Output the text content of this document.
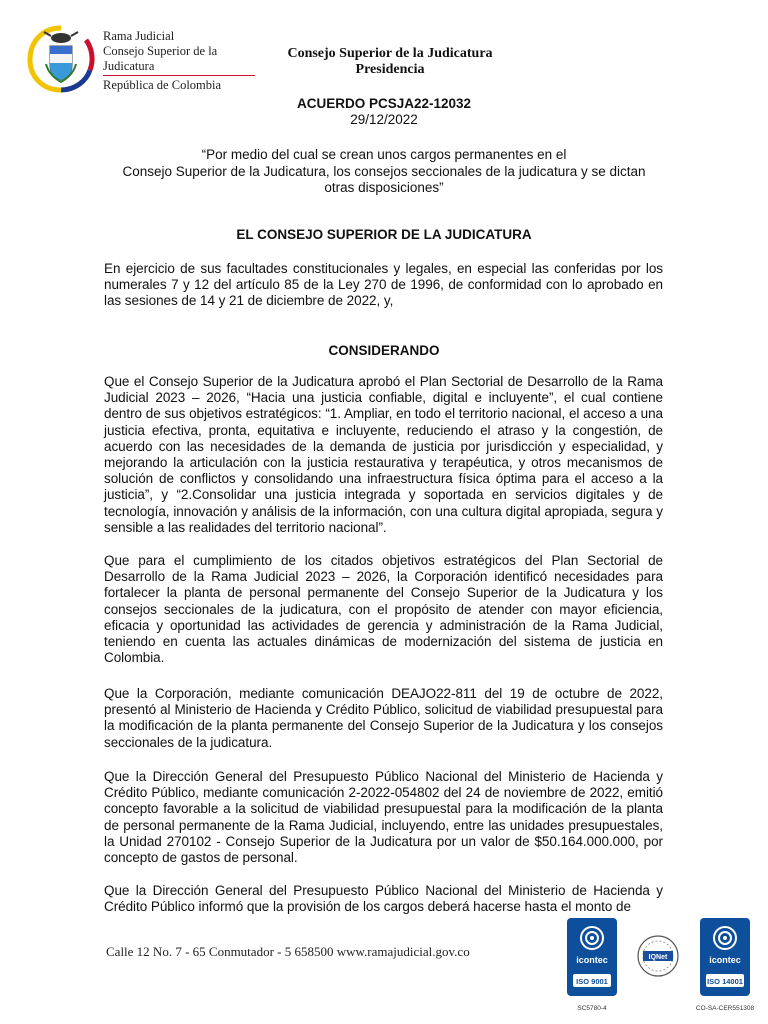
Rama Judicial
Consejo Superior de la Judicatura
República de Colombia
Consejo Superior de la Judicatura
Presidencia
ACUERDO PCSJA22-12032
29/12/2022
“Por medio del cual se crean unos cargos permanentes en el
Consejo Superior de la Judicatura, los consejos seccionales de la judicatura y se dictan
otras disposiciones”
EL CONSEJO SUPERIOR DE LA JUDICATURA
En ejercicio de sus facultades constitucionales y legales, en especial las conferidas por los numerales 7 y 12 del artículo 85 de la Ley 270 de 1996, de conformidad con lo aprobado en las sesiones de 14 y 21 de diciembre de 2022, y,
CONSIDERANDO
Que el Consejo Superior de la Judicatura aprobó el Plan Sectorial de Desarrollo de la Rama Judicial 2023 – 2026, “Hacia una justicia confiable, digital e incluyente”, el cual contiene dentro de sus objetivos estratégicos: “1. Ampliar, en todo el territorio nacional, el acceso a una justicia efectiva, pronta, equitativa e incluyente, reduciendo el atraso y la congestión, de acuerdo con las necesidades de la demanda de justicia por jurisdicción y especialidad, y mejorando la articulación con la justicia restaurativa y terapéutica, y otros mecanismos de solución de conflictos y consolidando una infraestructura física óptima para el acceso a la justicia”, y “2.Consolidar una justicia integrada y soportada en servicios digitales y de tecnología, innovación y análisis de la información, con una cultura digital apropiada, segura y sensible a las realidades del territorio nacional”.
Que para el cumplimiento de los citados objetivos estratégicos del Plan Sectorial de Desarrollo de la Rama Judicial 2023 – 2026, la Corporación identificó necesidades para fortalecer la planta de personal permanente del Consejo Superior de la Judicatura y los consejos seccionales de la judicatura, con el propósito de atender con mayor eficiencia, eficacia y oportunidad las actividades de gerencia y administración de la Rama Judicial, teniendo en cuenta las actuales dinámicas de modernización del sistema de justicia en Colombia.
Que la Corporación, mediante comunicación DEAJO22-811 del 19 de octubre de 2022, presentó al Ministerio de Hacienda y Crédito Público, solicitud de viabilidad presupuestal para la modificación de la planta permanente del Consejo Superior de la Judicatura y los consejos seccionales de la judicatura.
Que la Dirección General del Presupuesto Público Nacional del Ministerio de Hacienda y Crédito Público, mediante comunicación 2-2022-054802 del 24 de noviembre de 2022, emitió concepto favorable a la solicitud de viabilidad presupuestal para la modificación de la planta de personal permanente de la Rama Judicial, incluyendo, entre las unidades presupuestales, la Unidad 270102 - Consejo Superior de la Judicatura por un valor de $50.164.000.000, por concepto de gastos de personal.
Que la Dirección General del Presupuesto Público Nacional del Ministerio de Hacienda y Crédito Público informó que la provisión de los cargos deberá hacerse hasta el monto de
Calle 12 No. 7 - 65 Conmutador - 5 658500 www.ramajudicial.gov.co
icontec
ISO 9001
SC5780-4
IQNet	icontec
ISO 14001
CO-SA-CER551308
